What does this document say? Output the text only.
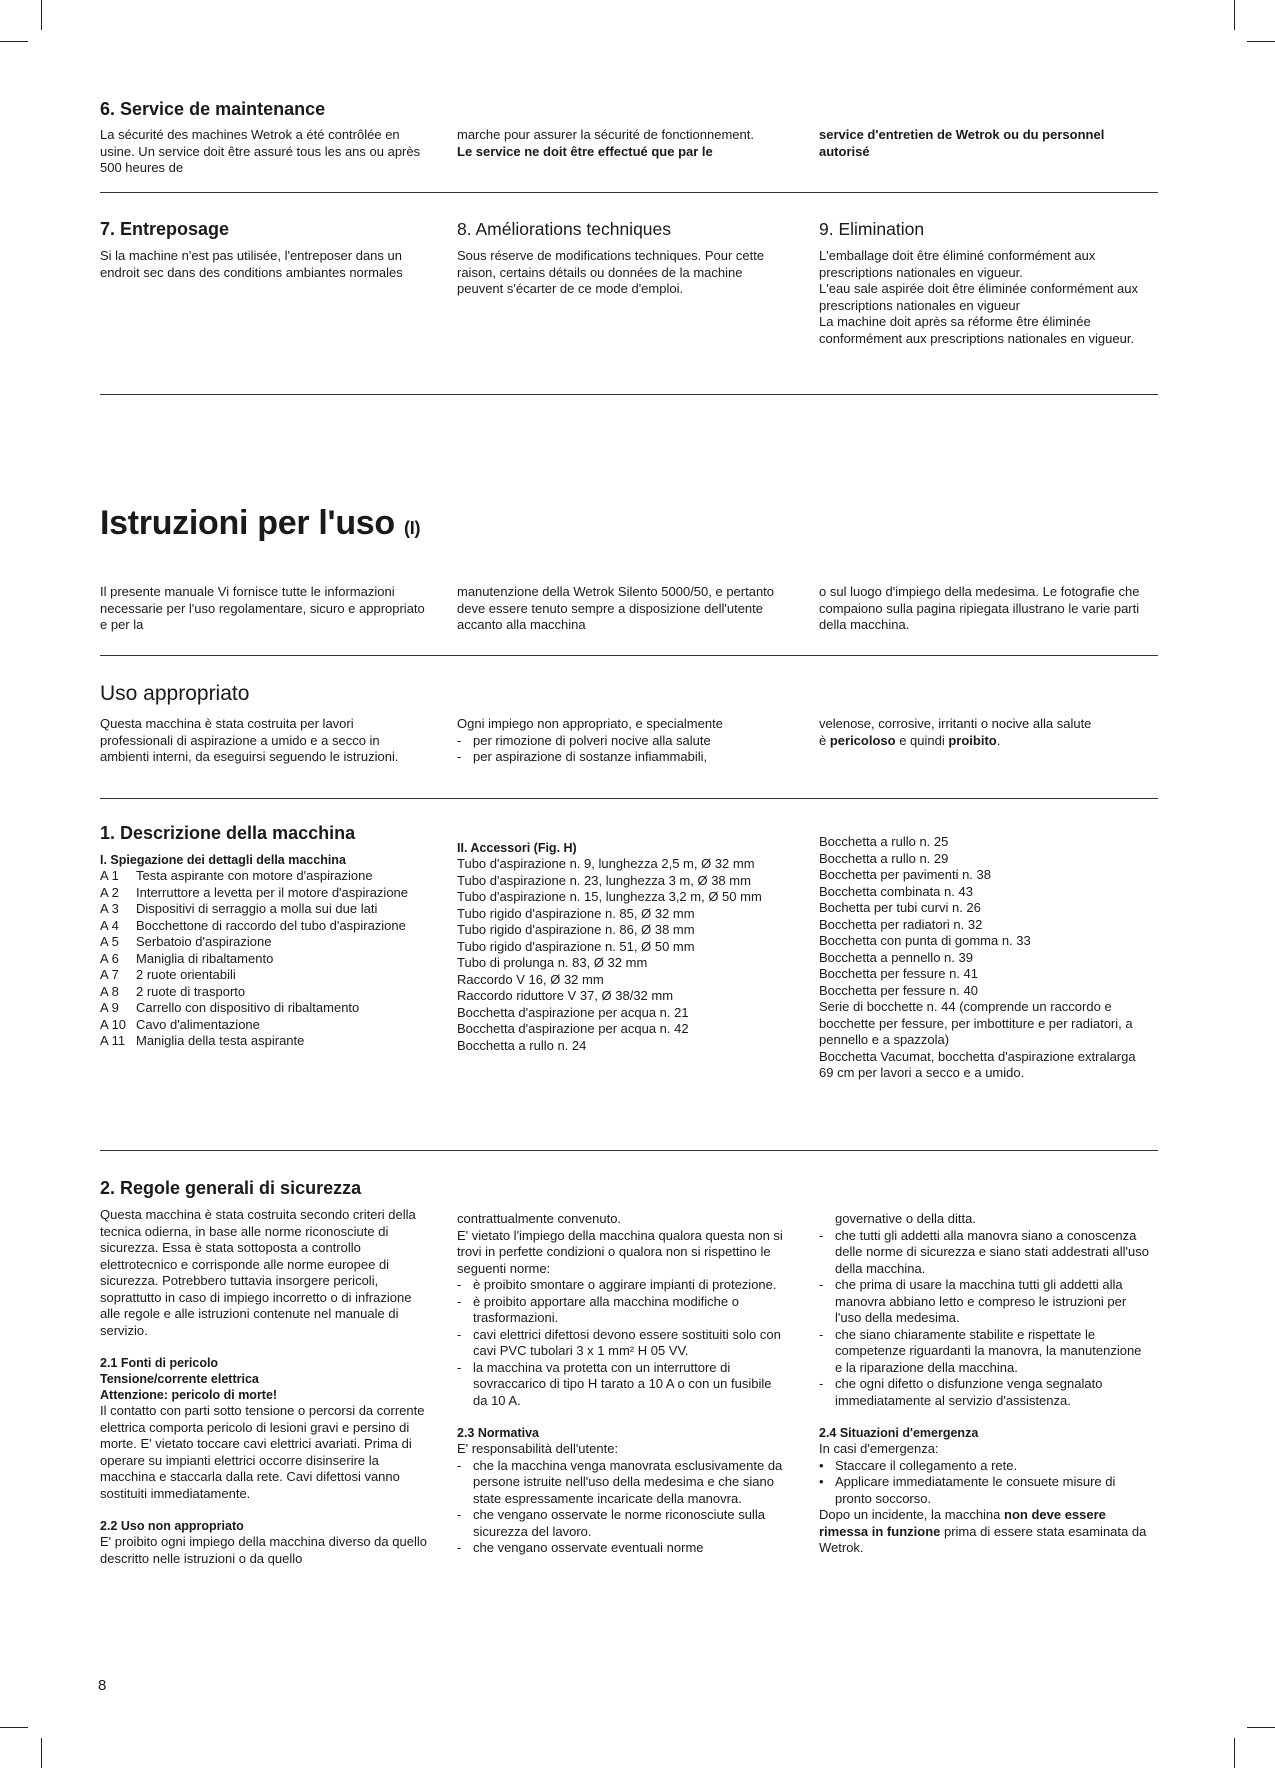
6. Service de maintenance

La sécurité des machines Wetrok a été contrôlée en usine. Un service doit être assuré tous les ans ou après 500 heures de

marche pour assurer la sécurité de fonctionnement.

Le service ne doit être effectué que par le

service d'entretien de Wetrok ou du personnel autorisé

7. Entreposage

Si la machine n'est pas utilisée, l'entreposer dans un endroit sec dans des conditions ambiantes normales

8. Améliorations techniques

Sous réserve de modifications techniques. Pour cette raison, certains détails ou données de la machine peuvent s'écarter de ce mode d'emploi.

9. Elimination

L'emballage doit être éliminé conformément aux prescriptions nationales en vigueur.

L'eau sale aspirée doit être éliminée conformément aux prescriptions nationales en vigueur

La machine doit après sa réforme être éliminée conformément aux prescriptions nationales en vigueur.

Istruzioni per l'uso (I)

Il presente manuale Vi fornisce tutte le informazioni necessarie per l'uso regolamentare, sicuro e appropriato e per la

manutenzione della Wetrok Silento 5000/50, e pertanto deve essere tenuto sempre a disposizione dell'utente accanto alla macchina

o sul luogo d'impiego della medesima. Le fotografie che compaiono sulla pagina ripiegata illustrano le varie parti della macchina.

Uso appropriato

Questa macchina è stata costruita per lavori professionali di aspirazione a umido e a secco in ambienti interni, da eseguirsi seguendo le istruzioni.

Ogni impiego non appropriato, e specialmente

- per rimozione di polveri nocive alla salute
- per aspirazione di sostanze infiammabili,

velenose, corrosive, irritanti o nocive alla salute

è pericoloso e quindi proibito.

1. Descrizione della macchina

I. Spiegazione dei dettagli della macchina

A 1	Testa aspirante con motore d'aspirazione
A 2	Interruttore a levetta per il motore d'aspirazione
A 3	Dispositivi di serraggio a molla sui due lati
A 4	Bocchettone di raccordo del tubo d'aspirazione
A 5	Serbatoio d'aspirazione
A 6	Maniglia di ribaltamento
A 7	2 ruote orientabili
A 8	2 ruote di trasporto
A 9	Carrello con dispositivo di ribaltamento
A 10 Cavo d'alimentazione
A 11 Maniglia della testa aspirante

II. Accessori (Fig. H)

Tubo d'aspirazione n. 9, lunghezza 2,5 m, Ø 32 mm

Tubo d'aspirazione n. 23, lunghezza 3 m, Ø 38 mm

Tubo d'aspirazione n. 15, lunghezza 3,2 m, Ø 50 mm

Tubo rigido d'aspirazione n. 85, Ø 32 mm

Tubo rigido d'aspirazione n. 86, Ø 38 mm

Tubo rigido d'aspirazione n. 51, Ø 50 mm

Tubo di prolunga n. 83, Ø 32 mm

Raccordo V 16, Ø 32 mm

Raccordo riduttore V 37, Ø 38/32 mm

Bocchetta d'aspirazione per acqua n. 21

Bocchetta d'aspirazione per acqua n. 42

Bocchetta a rullo n. 24

Bocchetta a rullo n. 25

Bocchetta a rullo n. 29

Bocchetta per pavimenti n. 38

Bocchetta combinata n. 43

Bochetta per tubi curvi n. 26

Bocchetta per radiatori n. 32

Bocchetta con punta di gomma n. 33

Bocchetta a pennello n. 39

Bocchetta per fessure n. 41

Bocchetta per fessure n. 40

Serie di bocchette n. 44 (comprende un raccordo e bocchette per fessure, per imbottiture e per radiatori, a pennello e a spazzola)

Bocchetta Vacumat, bocchetta d'aspirazione extralarga 69 cm per lavori a secco e a umido.

2. Regole generali di sicurezza

Questa macchina è stata costruita secondo criteri della tecnica odierna, in base alle norme riconosciute di sicurezza. Essa è stata sottoposta a controllo elettrotecnico e corrisponde alle norme europee di sicurezza. Potrebbero tuttavia insorgere pericoli, soprattutto in caso di impiego incorretto o di infrazione alle regole e alle istruzioni contenute nel manuale di servizio.

2.1 Fonti di pericolo

Tensione/corrente elettrica

Attenzione: pericolo di morte!

Il contatto con parti sotto tensione o percorsi da corrente elettrica comporta pericolo di lesioni gravi e persino di morte. E' vietato toccare cavi elettrici avariati. Prima di operare su impianti elettrici occorre disinserire la macchina e staccarla dalla rete. Cavi difettosi vanno sostituiti immediatamente.

2.2 Uso non appropriato

E' proibito ogni impiego della macchina diverso da quello descritto nelle istruzioni o da quello

contrattualmente convenuto.

E' vietato l'impiego della macchina qualora questa non si trovi in perfette condizioni o qualora non si rispettino le seguenti norme:

- è proibito smontare o aggirare impianti di protezione.
- è proibito apportare alla macchina modifiche o trasformazioni.
- cavi elettrici difettosi devono essere sostituiti solo con cavi PVC tubolari 3 x 1 mm² H 05 VV.
- la macchina va protetta con un interruttore di sovraccarico di tipo H tarato a 10 A o con un fusibile da 10 A.

2.3 Normativa

E' responsabilità dell'utente:

- che la macchina venga manovrata esclusivamente da persone istruite nell'uso della medesima e che siano state espressamente incaricate della manovra.
- che vengano osservate le norme riconosciute sulla sicurezza del lavoro.
- che vengano osservate eventuali norme

governative o della ditta.

- che tutti gli addetti alla manovra siano a conoscenza delle norme di sicurezza e siano stati addestrati all'uso della macchina.
- che prima di usare la macchina tutti gli addetti alla manovra abbiano letto e compreso le istruzioni per l'uso della medesima.
- che siano chiaramente stabilite e rispettate le competenze riguardanti la manovra, la manutenzione e la riparazione della macchina.
- che ogni difetto o disfunzione venga segnalato immediatamente al servizio d'assistenza.

2.4 Situazioni d'emergenza

In casi d'emergenza:

• Staccare il collegamento a rete.
• Applicare immediatamente le consuete misure di pronto soccorso.

Dopo un incidente, la macchina non deve essere rimessa in funzione prima di essere stata esaminata da Wetrok.

8
